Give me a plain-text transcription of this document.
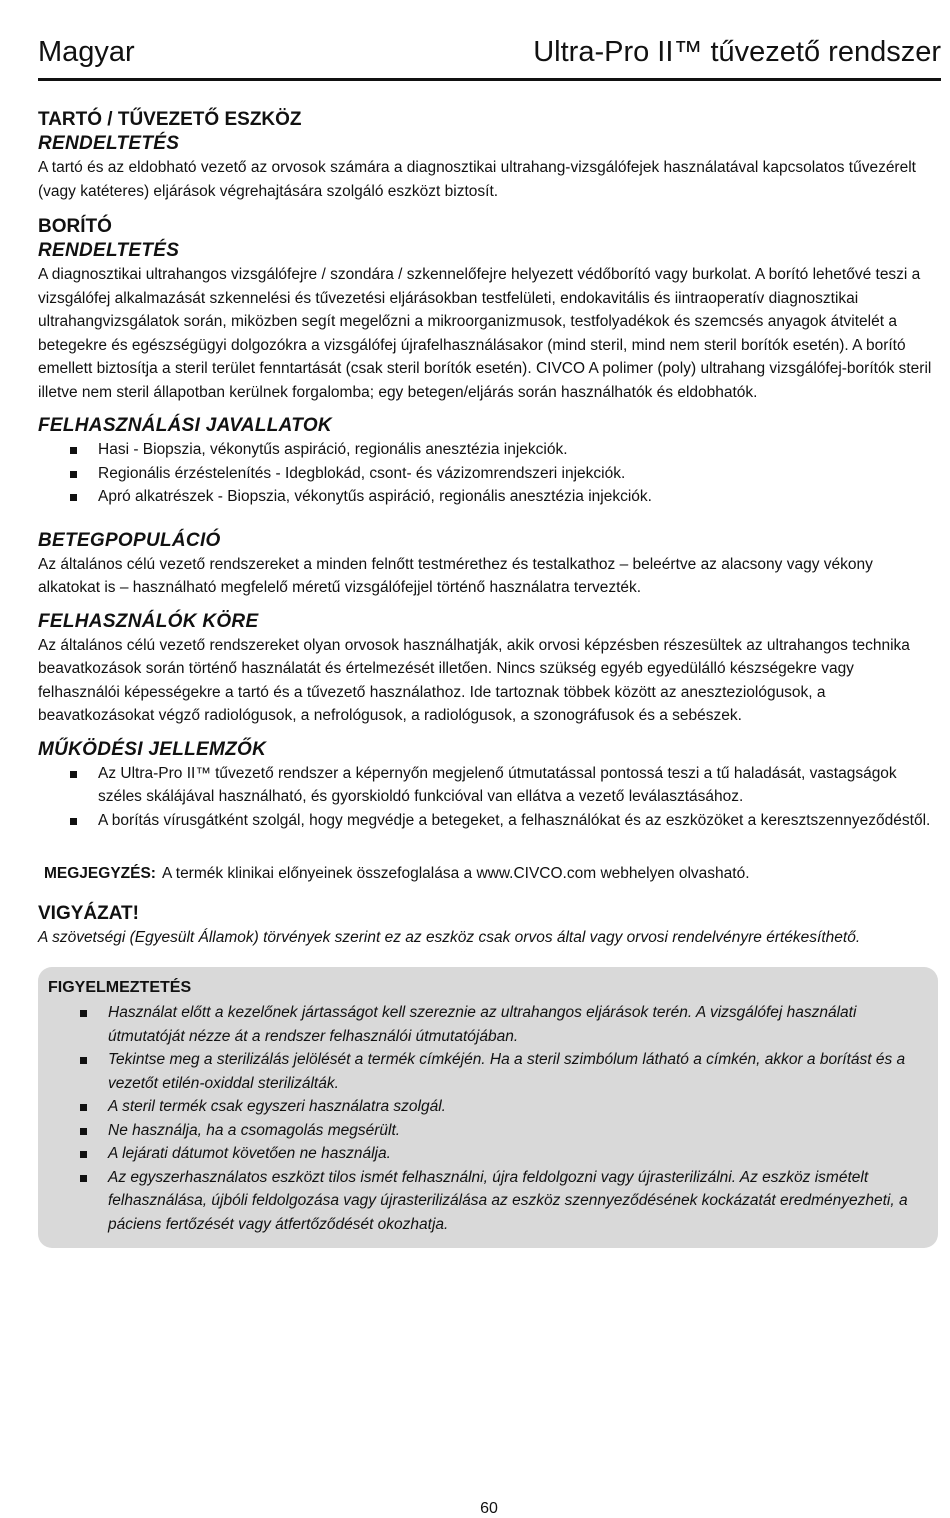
Magyar	Ultra-Pro II™ tűvezető rendszer
TARTÓ / TŰVEZETŐ ESZKÖZ
RENDELTETÉS

A tartó és az eldobható vezető az orvosok számára a diagnosztikai ultrahang-vizsgálófejek használatával kapcsolatos tűvezérelt (vagy katéteres) eljárások végrehajtására szolgáló eszközt biztosít.

BORÍTÓ
RENDELTETÉS

A diagnosztikai ultrahangos vizsgálófejre / szondára / szkennelőfejre helyezett védőborító vagy burkolat. A borító lehetővé teszi a vizsgálófej alkalmazását szkennelési és tűvezetési eljárásokban testfelületi, endokavitális és iintraoperatív diagnosztikai ultrahangvizsgálatok során, miközben segít megelőzni a mikroorganizmusok, testfolyadékok és szemcsés anyagok átvitelét a betegekre és egészségügyi dolgozókra a vizsgálófej újrafelhasználásakor (mind steril, mind nem steril borítók esetén). A borító emellett biztosítja a steril terület fenntartását (csak steril borítók esetén). CIVCO A polimer (poly) ultrahang vizsgálófej-borítók steril illetve nem steril állapotban kerülnek forgalomba; egy betegen/eljárás során használhatók és eldobhatók.

FELHASZNÁLÁSI JAVALLATOK
Hasi - Biopszia, vékonytűs aspiráció, regionális anesztézia injekciók.
Regionális érzéstelenítés - Idegblokád, csont- és vázizomrendszeri injekciók.
Apró alkatrészek - Biopszia, vékonytűs aspiráció, regionális anesztézia injekciók.
BETEGPOPULÁCIÓ

Az általános célú vezető rendszereket a minden felnőtt testmérethez és testalkathoz – beleértve az alacsony vagy vékony alkatokat is – használható megfelelő méretű vizsgálófejjel történő használatra tervezték.

FELHASZNÁLÓK KÖRE

Az általános célú vezető rendszereket olyan orvosok használhatják, akik orvosi képzésben részesültek az ultrahangos technika beavatkozások során történő használatát és értelmezését illetően. Nincs szükség egyéb egyedülálló készségekre vagy felhasználói képességekre a tartó és a tűvezető használathoz. Ide tartoznak többek között az aneszteziológusok, a beavatkozásokat végző radiológusok, a nefrológusok, a radiológusok, a szonográfusok és a sebészek.

MŰKÖDÉSI JELLEMZŐK
Az Ultra-Pro II™ tűvezető rendszer a képernyőn megjelenő útmutatással pontossá teszi a tű haladását, vastagságok széles skálájával használható, és gyorskioldó funkcióval van ellátva a vezető leválasztásához.
A borítás vírusgátként szolgál, hogy megvédje a betegeket, a felhasználókat és az eszközöket a keresztszennyeződéstől.

MEGJEGYZÉS: A termék klinikai előnyeinek összefoglalása a www.CIVCO.com webhelyen olvasható.

VIGYÁZAT!

A szövetségi (Egyesült Államok) törvények szerint ez az eszköz csak orvos által vagy orvosi rendelvényre értékesíthető.

FIGYELMEZTETÉS
Használat előtt a kezelőnek jártasságot kell szereznie az ultrahangos eljárások terén. A vizsgálófej használati útmutatóját nézze át a rendszer felhasználói útmutatójában.
Tekintse meg a sterilizálás jelölését a termék címkéjén. Ha a steril szimbólum látható a címkén, akkor a borítást és a vezetőt etilén-oxiddal sterilizálták.
A steril termék csak egyszeri használatra szolgál.
Ne használja, ha a csomagolás megsérült.
A lejárati dátumot követően ne használja.
Az egyszerhasználatos eszközt tilos ismét felhasználni, újra feldolgozni vagy újrasterilizálni. Az eszköz ismételt felhasználása, újbóli feldolgozása vagy újrasterilizálása az eszköz szennyeződésének kockázatát eredményezheti, a páciens fertőzését vagy átfertőződését okozhatja.
60
